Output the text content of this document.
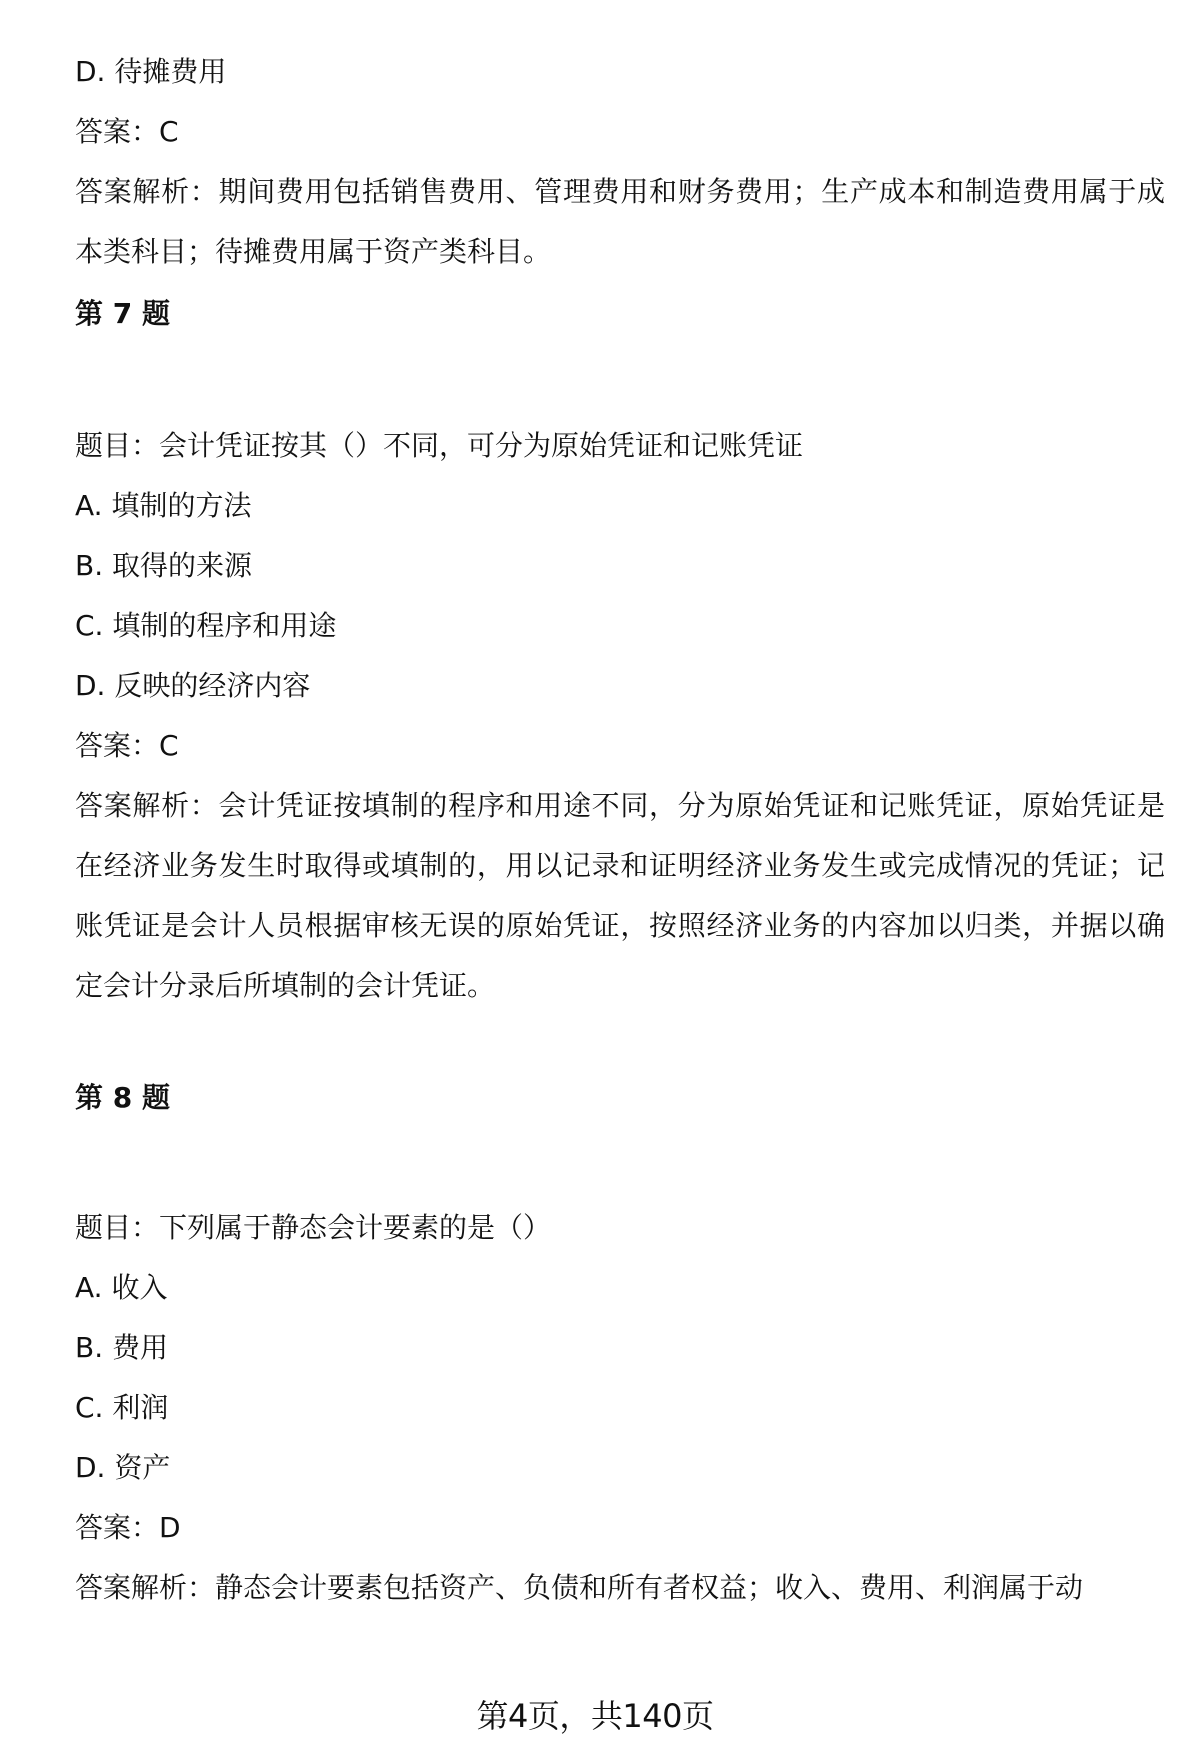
D. 待摊费用
答案：C
答案解析：期间费用包括销售费用、管理费用和财务费用；生产成本和制造费用属于成本类科目；待摊费用属于资产类科目。
第 7 题
题目：会计凭证按其（）不同，可分为原始凭证和记账凭证
A. 填制的方法
B. 取得的来源
C. 填制的程序和用途
D. 反映的经济内容
答案：C
答案解析：会计凭证按填制的程序和用途不同，分为原始凭证和记账凭证，原始凭证是在经济业务发生时取得或填制的，用以记录和证明经济业务发生或完成情况的凭证；记账凭证是会计人员根据审核无误的原始凭证，按照经济业务的内容加以归类，并据以确定会计分录后所填制的会计凭证。
第 8 题
题目：下列属于静态会计要素的是（）
A. 收入
B. 费用
C. 利润
D. 资产
答案：D
答案解析：静态会计要素包括资产、负债和所有者权益；收入、费用、利润属于动
第4页，共140页
